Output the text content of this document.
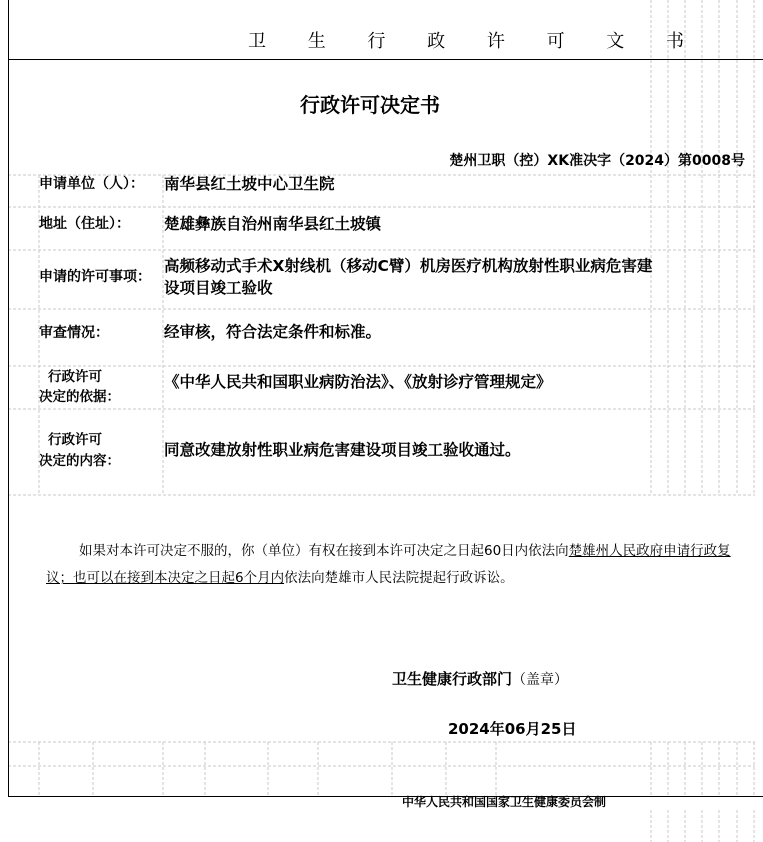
卫 生 行 政 许 可 文 书
行政许可决定书
楚州卫职（控）XK准决字（2024）第0008号
申请单位（人）： 南华县红土坡中心卫生院
地址（住址）： 楚雄彝族自治州南华县红土坡镇
申请的许可事项：
高频移动式手术X射线机（移动C臂）机房医疗机构放射性职业病危害建设项目竣工验收
审查情况：	经审核，符合法定条件和标准。
行政许可
决定的依据：
《中华人民共和国职业病防治法》、《放射诊疗管理规定》
行政许可
决定的内容：
同意改建放射性职业病危害建设项目竣工验收通过。
如果对本许可决定不服的，你（单位）有权在接到本许可决定之日起60日内依法向楚雄州人民政府申请行政复议；也可以在接到本决定之日起6个月内依法向楚雄市人民法院提起行政诉讼。
卫生健康行政部门（盖章）
2024年06月25日
中华人民共和国国家卫生健康委员会制
